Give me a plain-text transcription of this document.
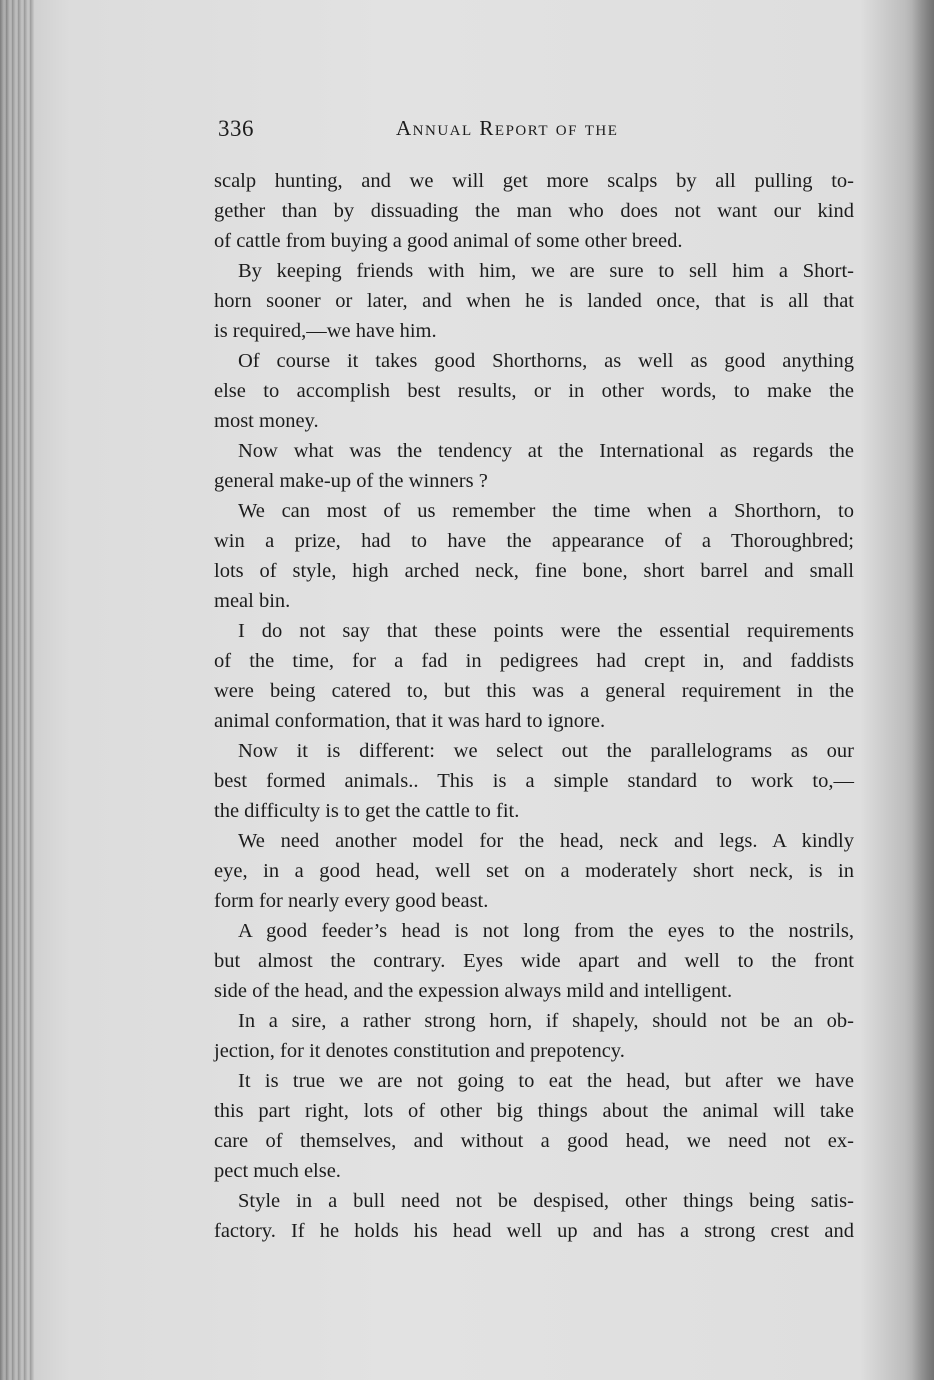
336	Annual Report of the
scalp hunting, and we will get more scalps by all pulling to-
gether than by dissuading the man who does not want our kind
of cattle from buying a good animal of some other breed.
By keeping friends with him, we are sure to sell him a Short-
horn sooner or later, and when he is landed once, that is all that
is required,—we have him.
Of course it takes good Shorthorns, as well as good anything
else to accomplish best results, or in other words, to make the
most money.
Now what was the tendency at the International as regards the
general make-up of the winners ?
We can most of us remember the time when a Shorthorn, to
win a prize, had to have the appearance of a Thoroughbred;
lots of style, high arched neck, fine bone, short barrel and small
meal bin.
I do not say that these points were the essential requirements
of the time, for a fad in pedigrees had crept in, and faddists
were being catered to, but this was a general requirement in the
animal conformation, that it was hard to ignore.
Now it is different: we select out the parallelograms as our
best formed animals.. This is a simple standard to work to,—
the difficulty is to get the cattle to fit.
We need another model for the head, neck and legs. A kindly
eye, in a good head, well set on a moderately short neck, is in
form for nearly every good beast.
A good feeder’s head is not long from the eyes to the nostrils,
but almost the contrary. Eyes wide apart and well to the front
side of the head, and the expession always mild and intelligent.
In a sire, a rather strong horn, if shapely, should not be an ob-
jection, for it denotes constitution and prepotency.
It is true we are not going to eat the head, but after we have
this part right, lots of other big things about the animal will take
care of themselves, and without a good head, we need not ex-
pect much else.
Style in a bull need not be despised, other things being satis-
factory. If he holds his head well up and has a strong crest and
